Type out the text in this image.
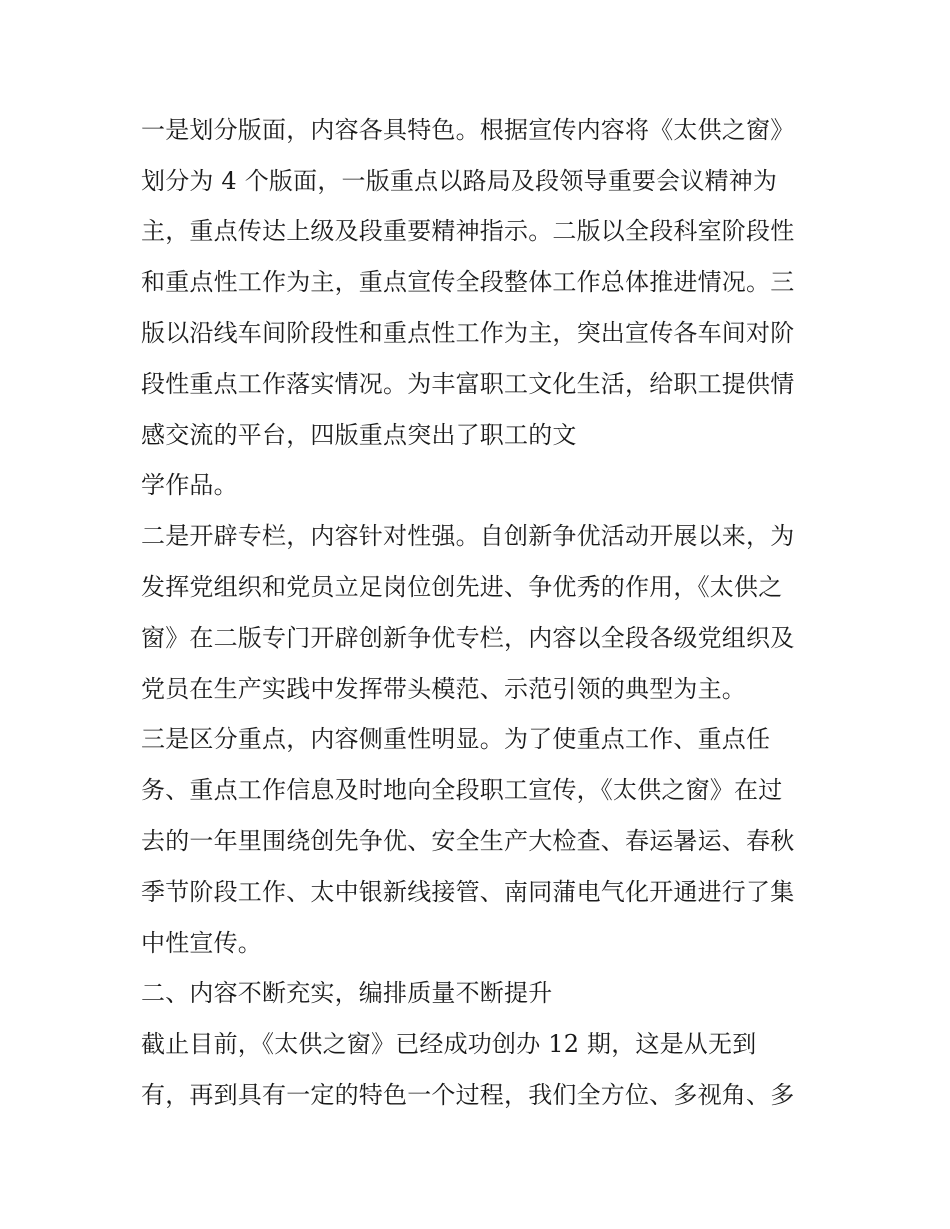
一是划分版面，内容各具特色。根据宣传内容将《太供之窗》
划分为 4 个版面，一版重点以路局及段领导重要会议精神为
主，重点传达上级及段重要精神指示。二版以全段科室阶段性
和重点性工作为主，重点宣传全段整体工作总体推进情况。三
版以沿线车间阶段性和重点性工作为主，突出宣传各车间对阶
段性重点工作落实情况。为丰富职工文化生活，给职工提供情
感交流的平台，四版重点突出了职工的文
学作品。
二是开辟专栏，内容针对性强。自创新争优活动开展以来，为
发挥党组织和党员立足岗位创先进、争优秀的作用，《太供之
窗》在二版专门开辟创新争优专栏，内容以全段各级党组织及
党员在生产实践中发挥带头模范、示范引领的典型为主。
三是区分重点，内容侧重性明显。为了使重点工作、重点任
务、重点工作信息及时地向全段职工宣传，《太供之窗》在过
去的一年里围绕创先争优、安全生产大检查、春运暑运、春秋
季节阶段工作、太中银新线接管、南同蒲电气化开通进行了集
中性宣传。
二、内容不断充实，编排质量不断提升
截止目前，《太供之窗》已经成功创办 12 期，这是从无到
有，再到具有一定的特色一个过程，我们全方位、多视角、多
